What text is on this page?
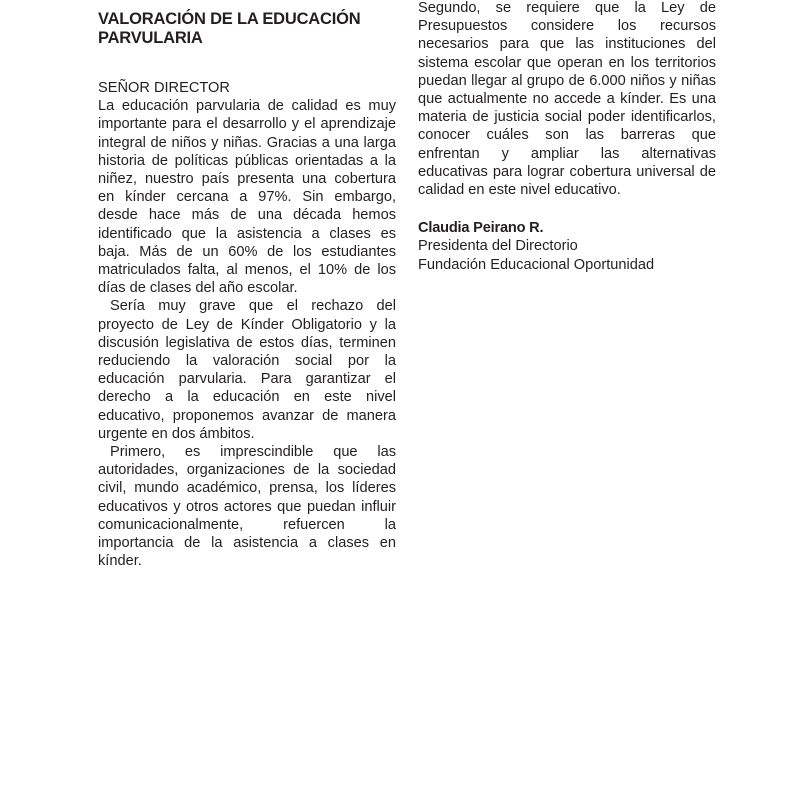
VALORACIÓN DE LA EDUCACIÓN PARVULARIA
SEÑOR DIRECTOR

La educación parvularia de calidad es muy importante para el desarrollo y el aprendizaje integral de niños y niñas. Gracias a una larga historia de políticas públicas orientadas a la niñez, nuestro país presenta una cobertura en kínder cercana a 97%. Sin embargo, desde hace más de una década hemos identificado que la asistencia a clases es baja. Más de un 60% de los estudiantes matriculados falta, al menos, el 10% de los días de clases del año escolar.

Sería muy grave que el rechazo del proyecto de Ley de Kínder Obligatorio y la discusión legislativa de estos días, terminen reduciendo la valoración social por la educación parvularia. Para garantizar el derecho a la educación en este nivel educativo, proponemos avanzar de manera urgente en dos ámbitos.

Primero, es imprescindible que las autoridades, organizaciones de la sociedad civil, mundo académico, prensa, los líderes educativos y otros actores que puedan influir comunicacionalmente, refuercen la importancia de la asistencia a clases en kínder.

Segundo, se requiere que la Ley de Presupuestos considere los recursos necesarios para que las instituciones del sistema escolar que operan en los territorios puedan llegar al grupo de 6.000 niños y niñas que actualmente no accede a kínder. Es una materia de justicia social poder identificarlos, conocer cuáles son las barreras que enfrentan y ampliar las alternativas educativas para lograr cobertura universal de calidad en este nivel educativo.

Claudia Peirano R.
Presidenta del Directorio
Fundación Educacional Oportunidad
